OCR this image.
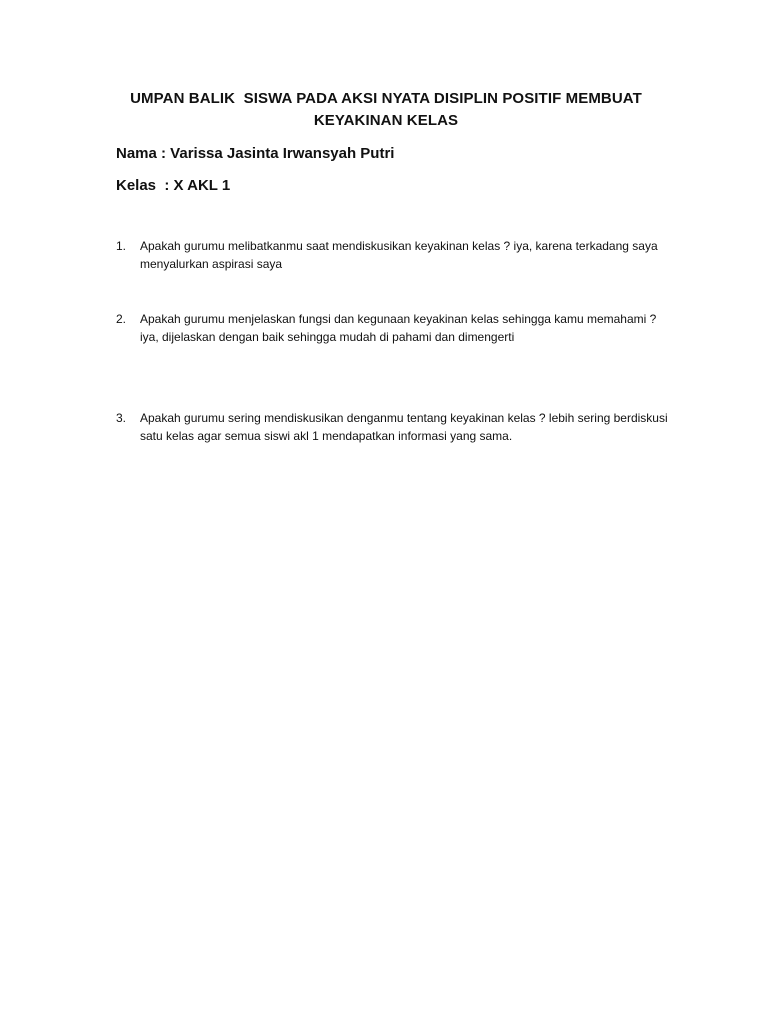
UMPAN BALIK  SISWA PADA AKSI NYATA DISIPLIN POSITIF MEMBUAT
KEYAKINAN KELAS
Nama : Varissa Jasinta Irwansyah Putri
Kelas  : X AKL 1
1. Apakah gurumu melibatkanmu saat mendiskusikan keyakinan kelas ? iya, karena terkadang saya menyalurkan aspirasi saya
2. Apakah gurumu menjelaskan fungsi dan kegunaan keyakinan kelas sehingga kamu memahami ? iya, dijelaskan dengan baik sehingga mudah di pahami dan dimengerti
3. Apakah gurumu sering mendiskusikan denganmu tentang keyakinan kelas ? lebih sering berdiskusi satu kelas agar semua siswi akl 1 mendapatkan informasi yang sama.
